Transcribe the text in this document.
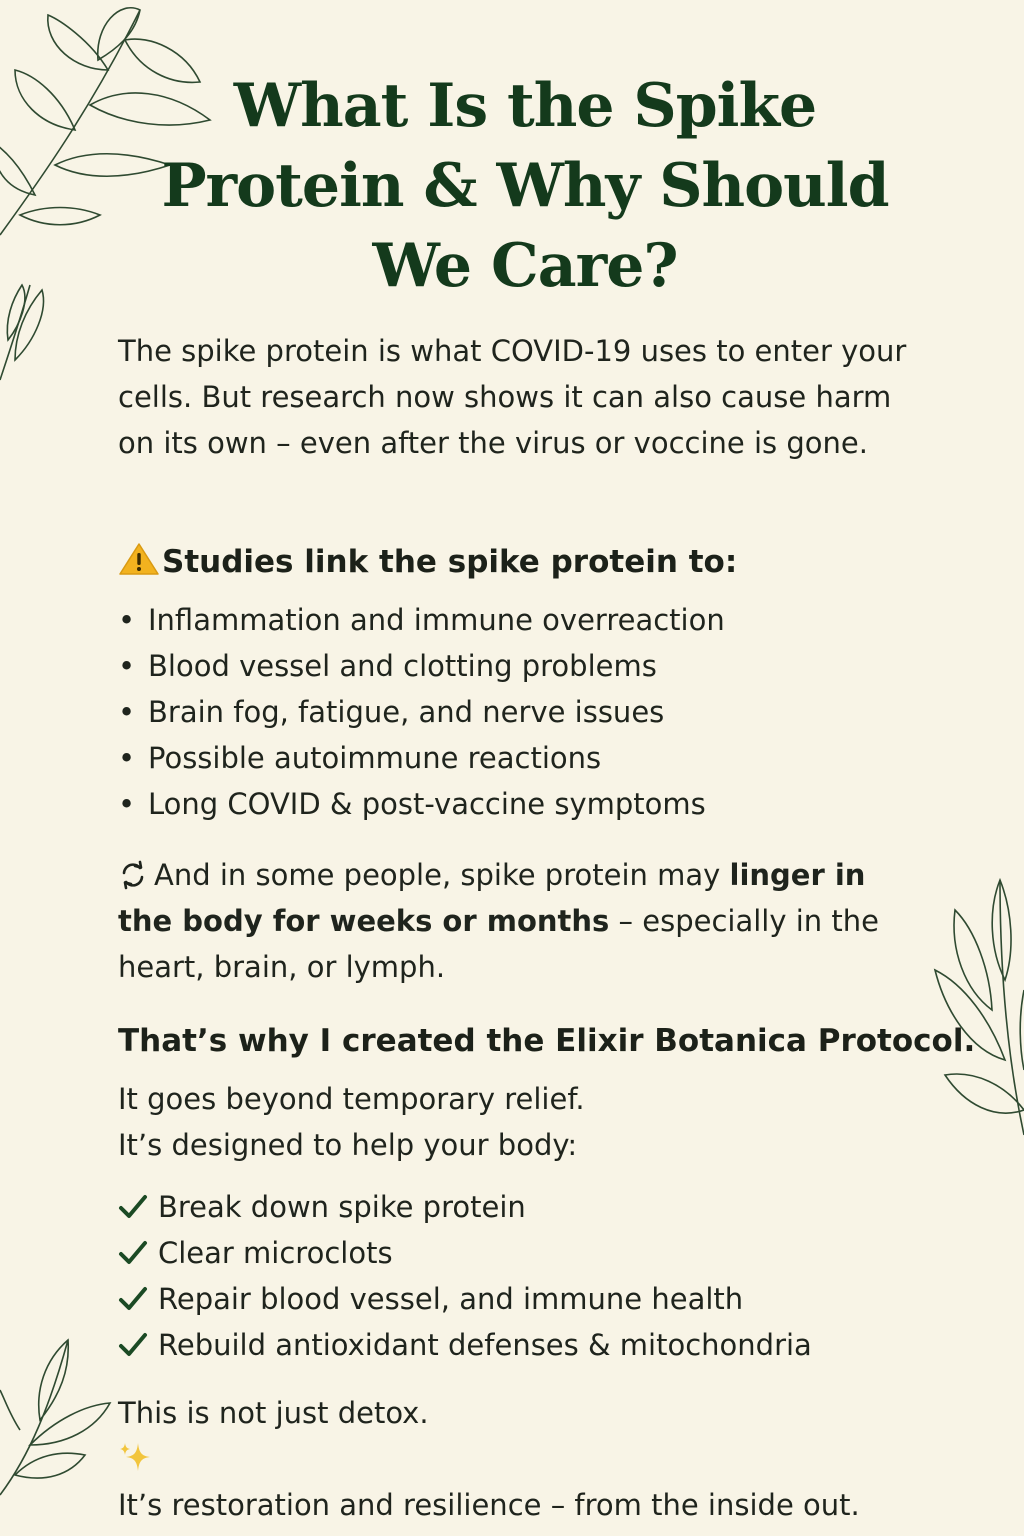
What Is the Spike
Protein & Why Should
We Care?

The spike protein is what COVID-19 uses to enter your cells. But research now shows it can also cause harm on its own – even after the virus or voccine is gone.

Studies link the spike protein to:
• Inflammation and immune overreaction
• Blood vessel and clotting problems
• Brain fog, fatigue, and nerve issues
• Possible autoimmune reactions
• Long COVID & post-vaccine symptoms

And in some people, spike protein may linger in the body for weeks or months – especially in the heart, brain, or lymph.

That’s why I created the Elixir Botanica Protocol.

It goes beyond temporary relief.
It’s designed to help your body:

Break down spike protein
Clear microclots
Repair blood vessel, and immune health
Rebuild antioxidant defenses & mitochondria

This is not just detox.
It’s restoration and resilience – from the inside out.
